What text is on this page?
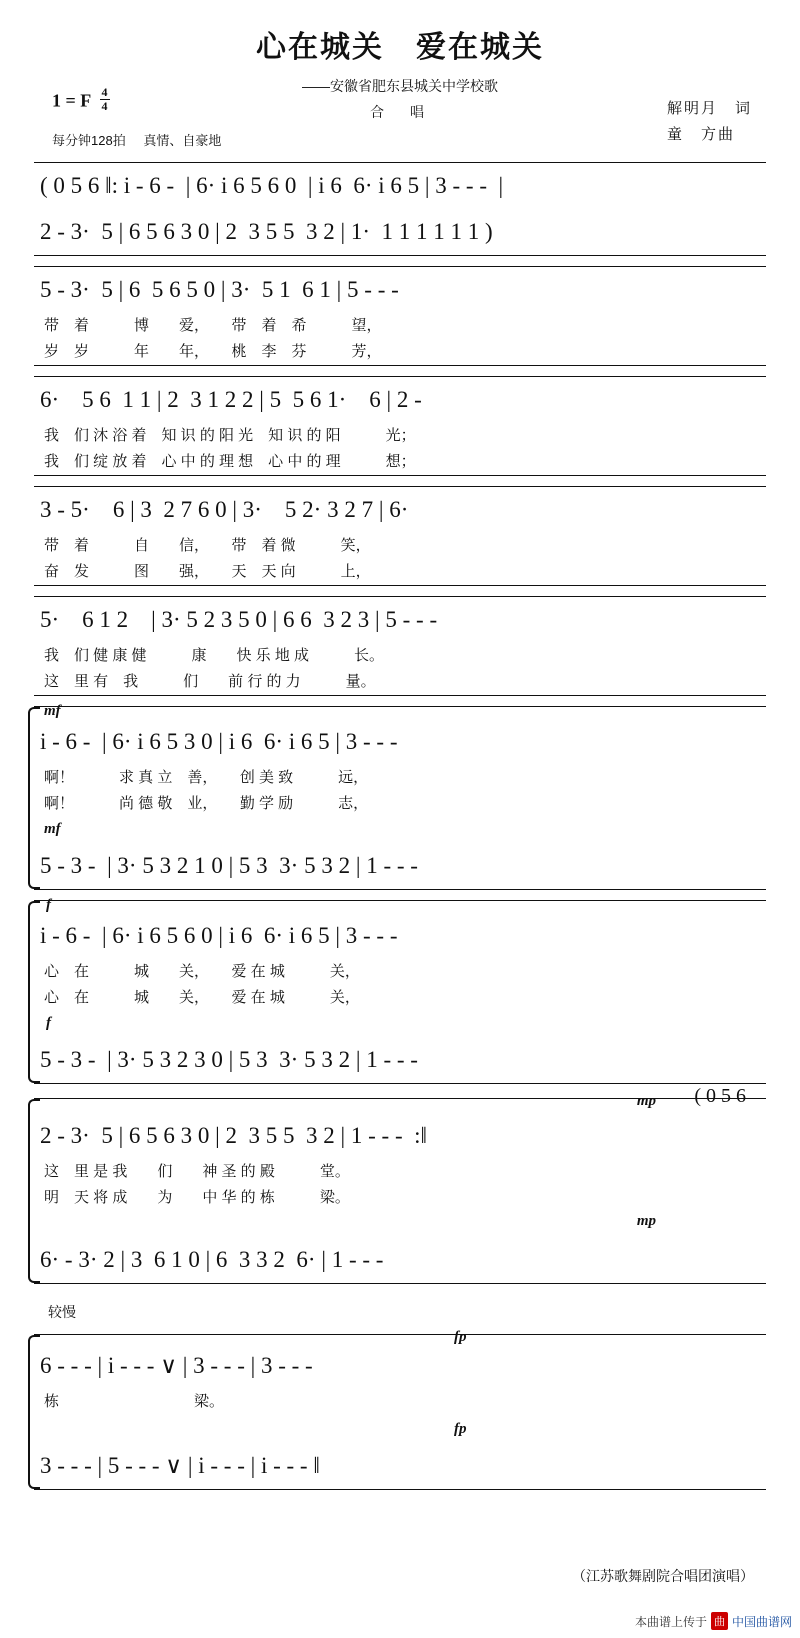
心在城关　爱在城关
——安徽省肥东县城关中学校歌
合　唱
1 = F $\frac{4}{4}$
每分钟128拍 真情、自豪地
解明月　词
童　方曲
( 0 5 6 ‖: i - 6 -  | 6· i 6 5 6 0  | i 6  6· i 6 5 | 3 - - -  |
2 - 3·  5 | 6 5 6 3 0 | 2  3 5 5  3 2 | 1·  1 1 1 1 1 1 )
5 - 3·  5 | 6  5 6 5 0 | 3·  5 1  6 1 | 5 - - -
带　着　　　博　　爱，　　带　着　希　　　望，
岁　岁　　　年　　年，　　桃　李　芬　　　芳，
6·　5 6  1 1 | 2  3 1 2 2 | 5  5 6 1·　6 | 2 -
我　们 沐 浴 着　知 识 的 阳 光　知 识 的 阳　　　光；
我　们 绽 放 着　心 中 的 理 想　心 中 的 理　　　想；
3 - 5·　6 | 3  2 7 6 0 | 3·　5 2· 3 2 7 | 6·
带　着　　　自　　信，　　带　着 微　　　笑，
奋　发　　　图　　强，　　天　天 向　　　上，
5·　6 1 2　| 3· 5 2 3 5 0 | 6 6  3 2 3 | 5 - - -
我　们 健 康 健　　　康　　快 乐 地 成　　　长。
这　里 有　我　　　们　　前 行 的 力　　　量。
mf
i - 6 -  | 6· i 6 5 3 0 | i 6  6· i 6 5 | 3 - - -
啊！　　　求 真 立　善，　　创 美 致　　　远，
啊！　　　尚 德 敬　业，　　勤 学 励　　　志，
mf
5 - 3 -  | 3· 5 3 2 1 0 | 5 3  3· 5 3 2 | 1 - - -
f
i - 6 -  | 6· i 6 5 6 0 | i 6  6· i 6 5 | 3 - - -
心　在　　　城　　关，　　爱 在 城　　　关，
心　在　　　城　　关，　　爱 在 城　　　关，
f
5 - 3 -  | 3· 5 3 2 3 0 | 5 3  3· 5 3 2 | 1 - - -
mp	( 0 5 6
2 - 3·  5 | 6 5 6 3 0 | 2  3 5 5  3 2 | 1 - - -  :‖
这　里 是 我　　们　　神 圣 的 殿　　　堂。
明　天 将 成　　为　　中 华 的 栋　　　梁。
mp
6· - 3· 2 | 3  6 1 0 | 6  3 3 2  6· | 1 - - -
较慢
fp
6 - - - | i - - - ∨ | 3 - - - | 3 - - -
栋　　　　　　　　　梁。
fp
3 - - - | 5 - - - ∨ | i - - - | i - - - ‖
（江苏歌舞剧院合唱团演唱）
本曲谱上传于 曲 中国曲谱网
